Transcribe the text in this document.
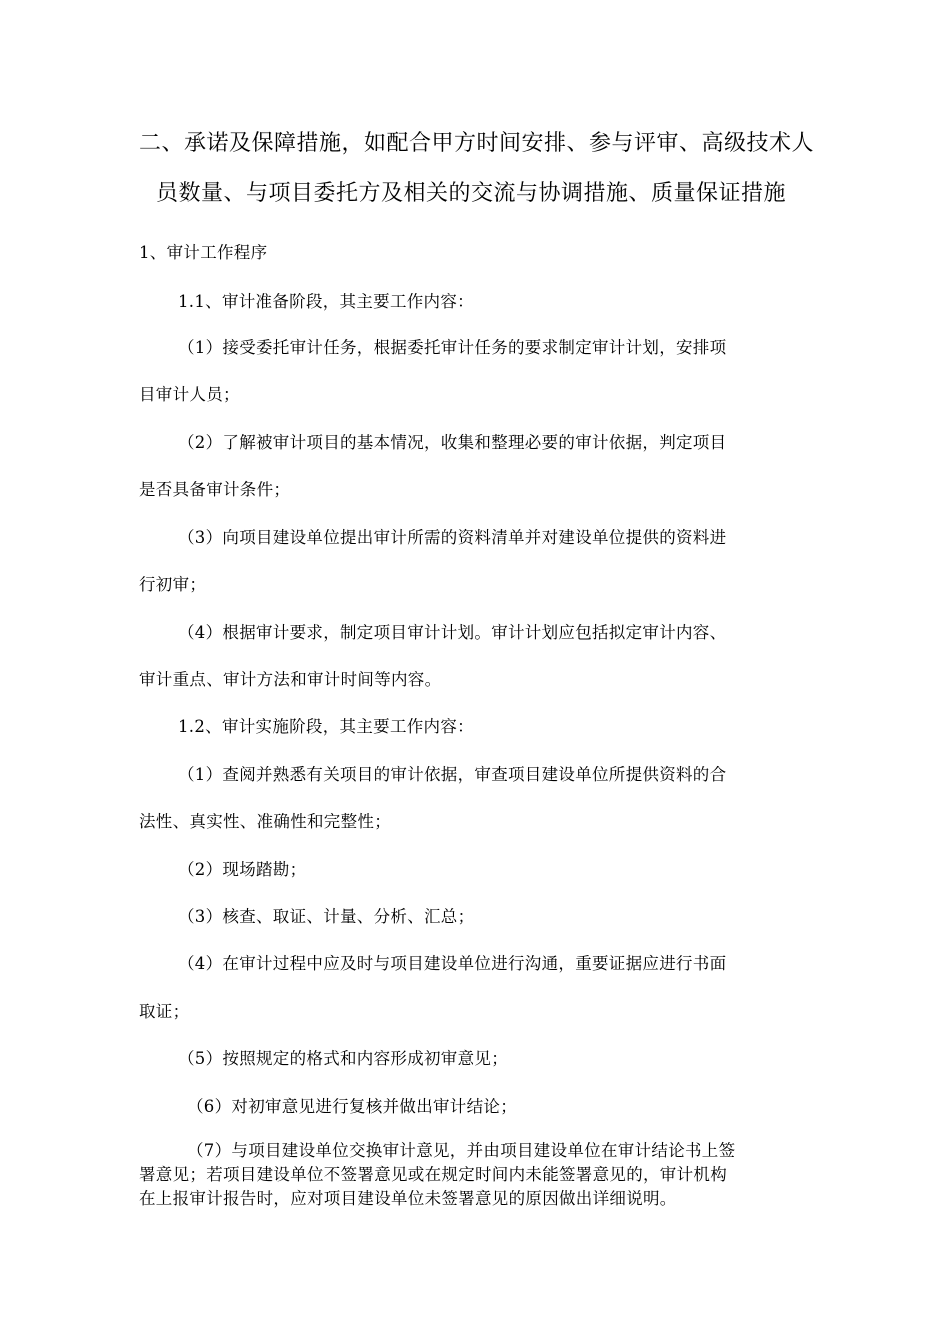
二、承诺及保障措施，如配合甲方时间安排、参与评审、高级技术人
员数量、与项目委托方及相关的交流与协调措施、质量保证措施
1、审计工作程序
1.1、审计准备阶段，其主要工作内容：
（1）接受委托审计任务，根据委托审计任务的要求制定审计计划，安排项
目审计人员；
（2）了解被审计项目的基本情况，收集和整理必要的审计依据，判定项目
是否具备审计条件；
（3）向项目建设单位提出审计所需的资料清单并对建设单位提供的资料进
行初审；
（4）根据审计要求，制定项目审计计划。审计计划应包括拟定审计内容、
审计重点、审计方法和审计时间等内容。
1.2、审计实施阶段，其主要工作内容：
（1）查阅并熟悉有关项目的审计依据，审查项目建设单位所提供资料的合
法性、真实性、准确性和完整性；
（2）现场踏勘；
（3）核查、取证、计量、分析、汇总；
（4）在审计过程中应及时与项目建设单位进行沟通，重要证据应进行书面
取证；
（5）按照规定的格式和内容形成初审意见；
（6）对初审意见进行复核并做出审计结论；
（7）与项目建设单位交换审计意见，并由项目建设单位在审计结论书上签
署意见；若项目建设单位不签署意见或在规定时间内未能签署意见的，审计机构
在上报审计报告时，应对项目建设单位未签署意见的原因做出详细说明。
